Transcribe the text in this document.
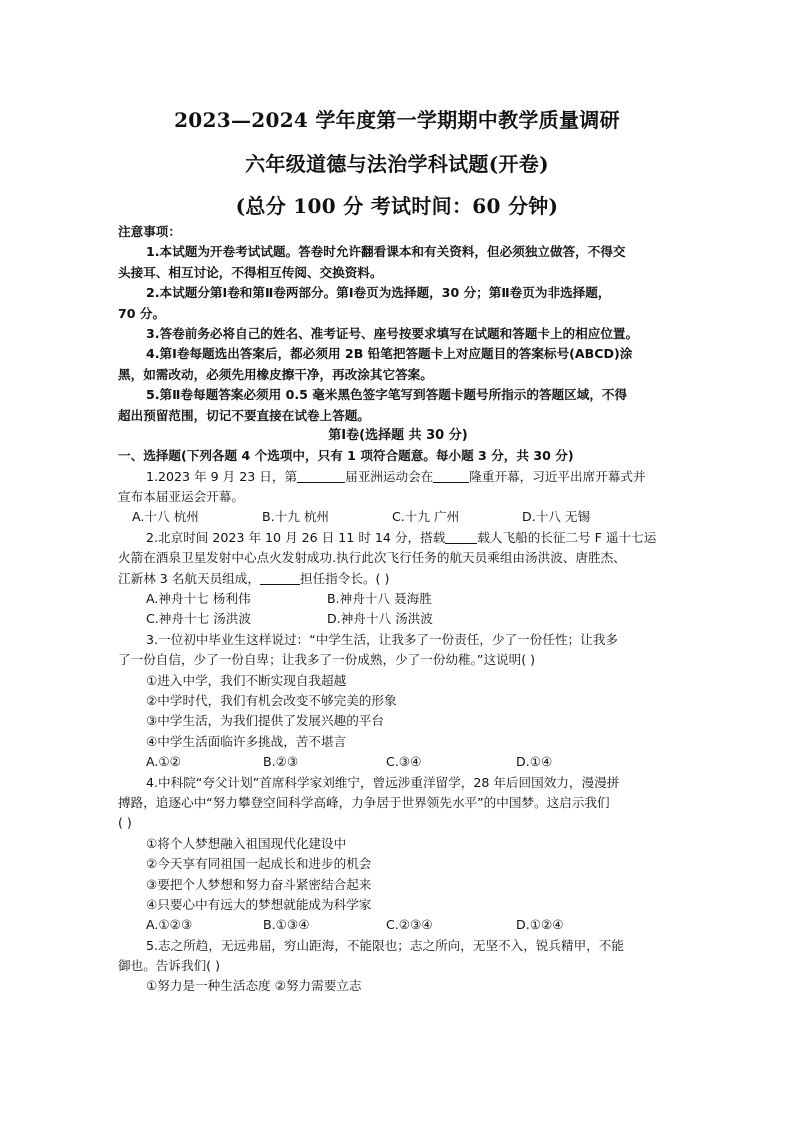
2023—2024 学年度第一学期期中教学质量调研
六年级道德与法治学科试题(开卷)
(总分 100 分 考试时间：60 分钟)
注意事项：
1.本试题为开卷考试试题。答卷时允许翻看课本和有关资料，但必须独立做答，不得交
头接耳、相互讨论，不得相互传阅、交换资料。
2.本试题分第Ⅰ卷和第Ⅱ卷两部分。第Ⅰ卷页为选择题，30 分；第Ⅱ卷页为非选择题，
70 分。
3.答卷前务必将自己的姓名、准考证号、座号按要求填写在试题和答题卡上的相应位置。
4.第Ⅰ卷每题选出答案后，都必须用 2B 铅笔把答题卡上对应题目的答案标号(ABCD)涂
黑，如需改动，必须先用橡皮擦干净，再改涂其它答案。
5.第Ⅱ卷每题答案必须用 0.5 毫米黑色签字笔写到答题卡题号所指示的答题区域，不得
超出预留范围，切记不要直接在试卷上答题。
第Ⅰ卷(选择题 共 30 分)
一、选择题(下列各题 4 个选项中，只有 1 项符合题意。每小题 3 分，共 30 分)
1.2023 年 9 月 23 日，第	届亚洲运动会在	隆重开幕，习近平出席开幕式并
宣布本届亚运会开幕。
A.十八 杭州	B.十九 杭州	C.十九 广州	D.十八 无锡
2.北京时间 2023 年 10 月 26 日 11 时 14 分，搭载	载人飞船的长征二号 F 遥十七运
火箭在酒泉卫星发射中心点火发射成功.执行此次飞行任务的航天员乘组由汤洪波、唐胜杰、
江新林 3 名航天员组成，	担任指令长。( )
A.神舟十七 杨利伟	B.神舟十八 聂海胜
C.神舟十七 汤洪波	D.神舟十八 汤洪波
3.一位初中毕业生这样说过：“中学生活，让我多了一份责任，少了一份任性；让我多
了一份自信，少了一份自卑；让我多了一份成熟，少了一份幼稚。”这说明( )
①进入中学，我们不断实现自我超越
②中学时代，我们有机会改变不够完美的形象
③中学生活，为我们提供了发展兴趣的平台
④中学生活面临许多挑战，苦不堪言
A.①②	B.②③	C.③④	D.①④
4.中科院“夸父计划”首席科学家刘维宁，曾远涉重洋留学，28 年后回国效力，漫漫拼
搏路，追逐心中“努力攀登空间科学高峰，力争居于世界领先水平”的中国梦。这启示我们
( )
①将个人梦想融入祖国现代化建设中
②今天享有同祖国一起成长和进步的机会
③要把个人梦想和努力奋斗紧密结合起来
④只要心中有远大的梦想就能成为科学家
A.①②③	B.①③④	C.②③④	D.①②④
5.志之所趋，无远弗届，穷山距海，不能限也；志之所向，无坚不入，锐兵精甲，不能
御也。告诉我们( )
①努力是一种生活态度 ②努力需要立志
